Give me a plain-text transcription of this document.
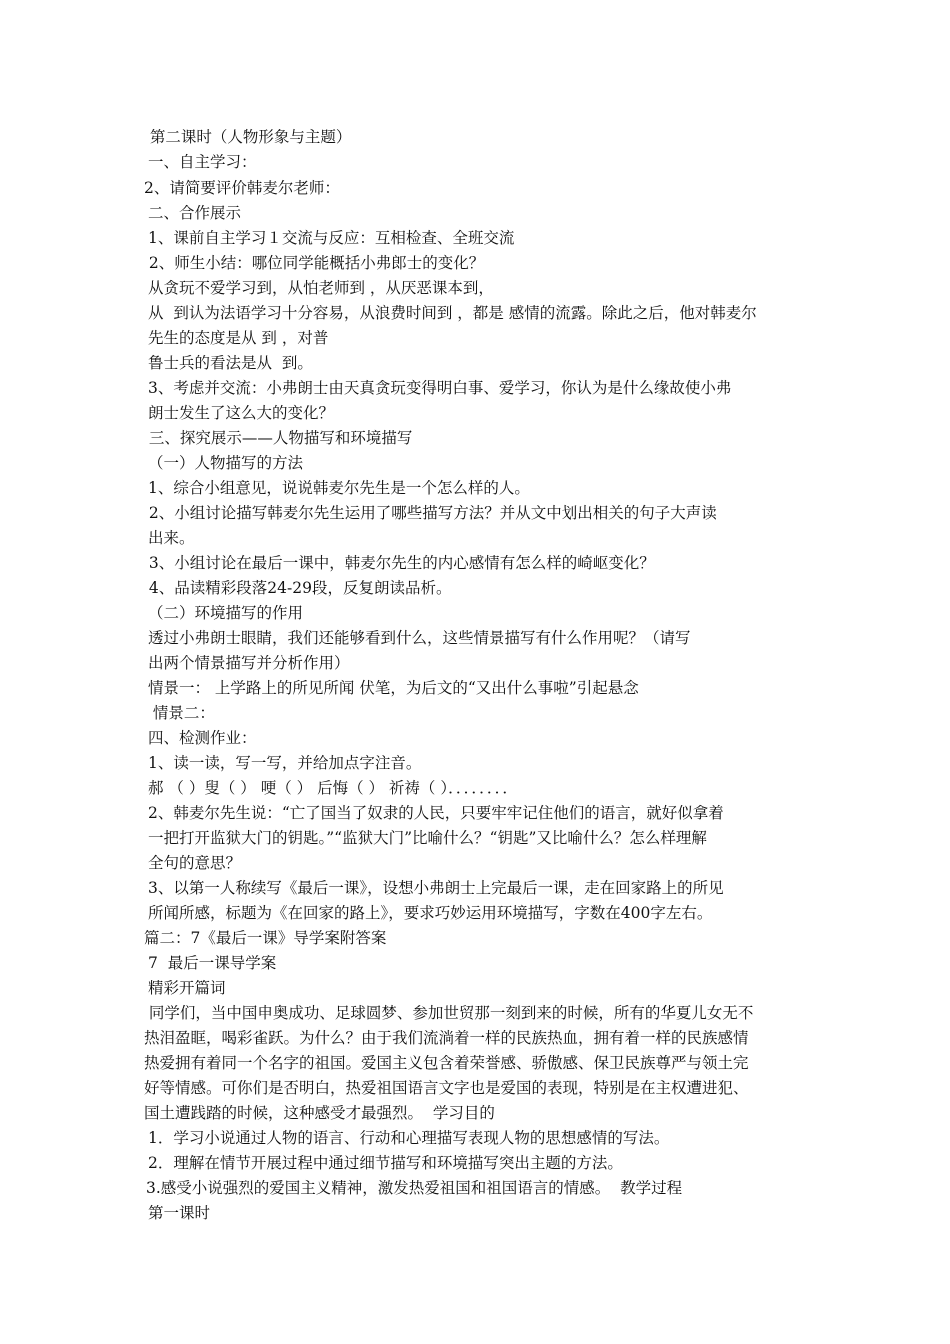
第二课时（人物形象与主题）
一、自主学习：
2、请简要评价韩麦尔老师：
二、合作展示
1、课前自主学习１交流与反应：互相检查、全班交流
2、师生小结：哪位同学能概括小弗郎士的变化？
从贪玩不爱学习到，从怕老师到 ，从厌恶课本到，
从  到认为法语学习十分容易，从浪费时间到 ，都是 感情的流露。除此之后，他对韩麦尔
先生的态度是从 到 ，对普
鲁士兵的看法是从  到。
3、考虑并交流：小弗朗士由天真贪玩变得明白事、爱学习，你认为是什么缘故使小弗
朗士发生了这么大的变化？
三、探究展示——人物描写和环境描写
（一）人物描写的方法
1、综合小组意见，说说韩麦尔先生是一个怎么样的人。
2、小组讨论描写韩麦尔先生运用了哪些描写方法？并从文中划出相关的句子大声读
出来。
3、小组讨论在最后一课中，韩麦尔先生的内心感情有怎么样的崎岖变化？
4、品读精彩段落24-29段，反复朗读品析。
（二）环境描写的作用
透过小弗朗士眼睛，我们还能够看到什么，这些情景描写有什么作用呢？（请写
出两个情景描写并分析作用）
情景一： 上学路上的所见所闻 伏笔，为后文的“又出什么事啦”引起悬念
情景二：
四、检测作业：
1、读一读，写一写，并给加点字注音。
郝 （ ）叟（ ） 哽（ ） 后悔（ ） 祈祷（ ）．．．．．．．．
2、韩麦尔先生说：“亡了国当了奴隶的人民，只要牢牢记住他们的语言，就好似拿着
一把打开监狱大门的钥匙。”“监狱大门”比喻什么？“钥匙”又比喻什么？怎么样理解
全句的意思？
3、以第一人称续写《最后一课》，设想小弗朗士上完最后一课，走在回家路上的所见
所闻所感，标题为《在回家的路上》，要求巧妙运用环境描写，字数在400字左右。
篇二：7《最后一课》导学案附答案
7  最后一课导学案
精彩开篇词
同学们，当中国申奥成功、足球圆梦、参加世贸那一刻到来的时候，所有的华夏儿女无不
热泪盈眶，喝彩雀跃。为什么？由于我们流淌着一样的民族热血，拥有着一样的民族感情
热爱拥有着同一个名字的祖国。爱国主义包含着荣誉感、骄傲感、保卫民族尊严与领土完
好等情感。可你们是否明白，热爱祖国语言文字也是爱国的表现，特别是在主权遭进犯、
国土遭践踏的时候，这种感受才最强烈。  学习目的
1．学习小说通过人物的语言、行动和心理描写表现人物的思想感情的写法。
2．理解在情节开展过程中通过细节描写和环境描写突出主题的方法。
3.感受小说强烈的爱国主义精神，激发热爱祖国和祖国语言的情感。  教学过程
第一课时
